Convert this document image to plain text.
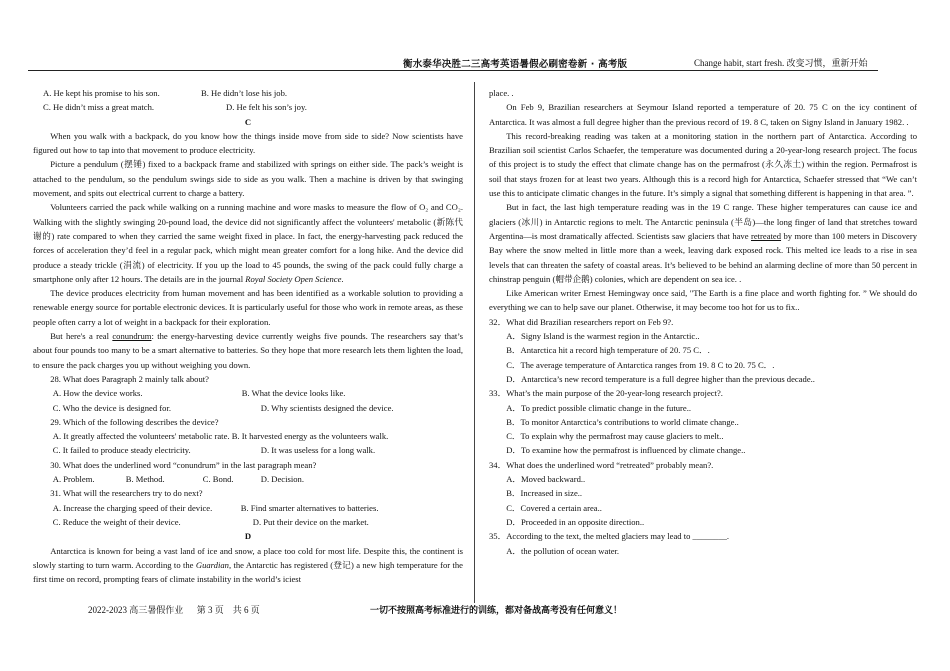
衡水泰华决胜二三高考英语暑假必刷密卷新 · 高考版	Change habit, start fresh. 改变习惯，重新开始
A. He kept his promise to his son.	B. He didn’t lose his job.
C. He didn’t miss a great match.	D. He felt his son’s joy.
C

When you walk with a backpack, do you know how the things inside move from side to side? Now scientists have figured out how to tap into that movement to produce electricity.

Picture a pendulum (摆锤) fixed to a backpack frame and stabilized with springs on either side. The pack’s weight is attached to the pendulum, so the pendulum swings side to side as you walk. Then a machine is driven by that swinging movement, and spits out electrical current to charge a battery.

Volunteers carried the pack while walking on a running machine and wore masks to measure the flow of O₂ and CO₂. Walking with the slightly swinging 20-pound load, the device did not significantly affect the volunteers' metabolic (新陈代谢的) rate compared to when they carried the same weight fixed in place. In fact, the energy-harvesting pack reduced the forces of acceleration they’d feel in a regular pack, which might mean greater comfort for a long hike. And the device did produce a steady trickle (涓流) of electricity. If you up the load to 45 pounds, the swing of the pack could fully charge a smartphone only after 12 hours. The details are in the journal Royal Society Open Science.

The device produces electricity from human movement and has been identified as a workable solution to providing a renewable energy source for portable electronic devices. It is particularly useful for those who work in remote areas, as these people often carry a lot of weight in a backpack for their exploration.

But here's a real conundrum: the energy-harvesting device currently weighs five pounds. The researchers say that’s about four pounds too many to be a smart alternative to batteries. So they hope that more research lets them lighten the load, to ensure the pack charges you up without weighing you down.

28. What does Paragraph 2 mainly talk about?
A. How the device works.	B. What the device looks like.
C. Who the device is designed for.	D. Why scientists designed the device.
29. Which of the following describes the device?
A. It greatly affected the volunteers' metabolic rate.
B. It harvested energy as the volunteers walk.
C. It failed to produce steady electricity.	D. It was useless for a long walk.
30. What does the underlined word “conundrum” in the last paragraph mean?
A. Problem.	B. Method.	C. Bond.	D. Decision.
31. What will the researchers try to do next?
A. Increase the charging speed of their device.	B. Find smarter alternatives to batteries.
C. Reduce the weight of their device.	D. Put their device on the market.
D

Antarctica is known for being a vast land of ice and snow, a place too cold for most life. Despite this, the continent is slowly starting to turn warm. According to the Guardian, the Antarctic has registered (登记) a new high temperature for the first time on record, prompting fears of climate instability in the world’s iciest

place. .

On Feb 9, Brazilian researchers at Seymour Island reported a temperature of 20. 75 C on the icy continent of Antarctica. It was almost a full degree higher than the previous record of 19. 8 C, taken on Signy Island in January 1982. .

This record-breaking reading was taken at a monitoring station in the northern part of Antarctica. According to Brazilian soil scientist Carlos Schaefer, the temperature was documented during a 20-year-long research project. The focus of this project is to study the effect that climate change has on the permafrost (永久冻土) within the region. Permafrost is soil that stays frozen for at least two years. Although this is a record high for Antarctica, Schaefer stressed that “We can’t use this to anticipate climatic changes in the future. It’s simply a signal that something different is happening in that area. ”.

But in fact, the last high temperature reading was in the 19 C range. These higher temperatures can cause ice and glaciers (冰川) in Antarctic regions to melt. The Antarctic peninsula (半岛)—the long finger of land that stretches toward Argentina—is most dramatically affected. Scientists saw glaciers that have retreated by more than 100 meters in Discovery Bay where the snow melted in little more than a week, leaving dark exposed rock. This melted ice leads to a rise in sea levels that can threaten the safety of coastal areas. It’s believed to be behind an alarming decline of more than 50 percent in chinstrap penguin (帽带企鹅) colonies, which are dependent on sea ice. .

Like American writer Ernest Hemingway once said, "The Earth is a fine place and worth fighting for. ” We should do everything we can to help save our planet. Otherwise, it may become too hot for us to fix..

32．What did Brazilian researchers report on Feb 9?.
A．Signy Island is the warmest region in the Antarctic..
B．Antarctica hit a record high temperature of 20. 75 C．.
C．The average temperature of Antarctica ranges from 19. 8 C to 20. 75 C．.
D．Antarctica’s new record temperature is a full degree higher than the previous decade..
33．What’s the main purpose of the 20-year-long research project?.
A．To predict possible climatic change in the future..
B．To monitor Antarctica’s contributions to world climate change..
C．To explain why the permafrost may cause glaciers to melt..
D．To examine how the permafrost is influenced by climate change..
34．What does the underlined word “retreated” probably mean?.
A．Moved backward..
B．Increased in size..
C．Covered a certain area..
D．Proceeded in an opposite direction..
35．According to the text, the melted glaciers may lead to ________.
A．the pollution of ocean water.
2022-2023 高三暑假作业      第 3 页    共 6 页	一切不按照高考标准进行的训练，都对备战高考没有任何意义！
